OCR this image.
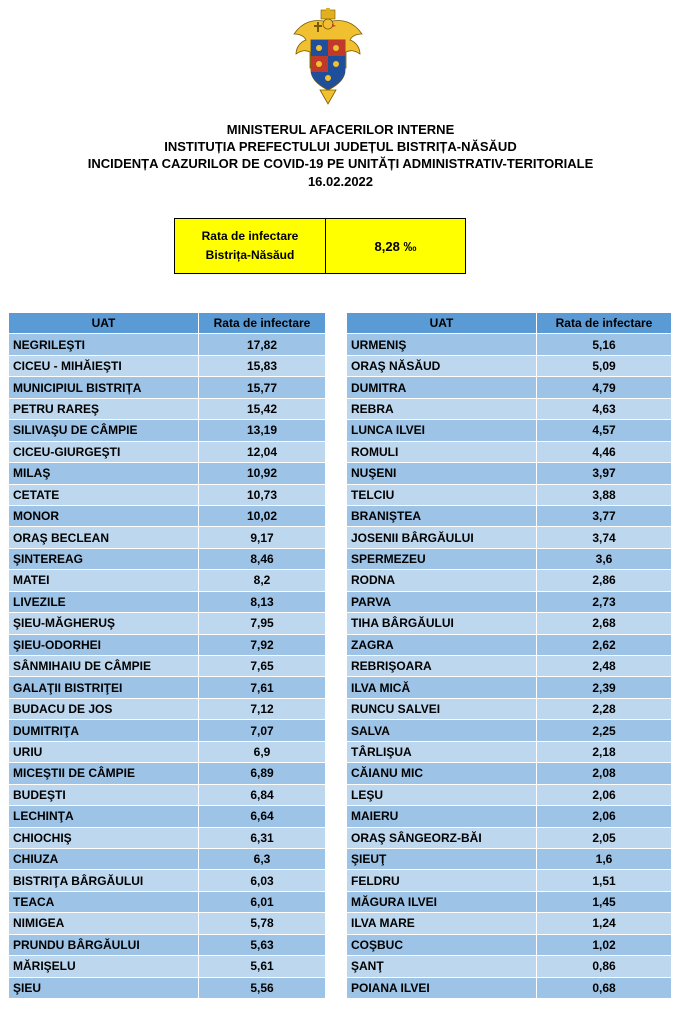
MINISTERUL AFACERILOR INTERNE
INSTITUȚIA PREFECTULUI JUDEȚUL BISTRIȚA-NĂSĂUD
INCIDENȚA CAZURILOR DE COVID-19 PE UNITĂȚI ADMINISTRATIV-TERITORIALE
16.02.2022
Rata de infectare
Bistrița-Năsăud
8,28 ‰
UAT	Rata de infectare
NEGRILEŞTI	17,82
CICEU - MIHĂIEŞTI	15,83
MUNICIPIUL BISTRIȚA	15,77
PETRU RAREŞ	15,42
SILIVAŞU DE CÂMPIE	13,19
CICEU-GIURGEŞTI	12,04
MILAŞ	10,92
CETATE	10,73
MONOR	10,02
ORAŞ BECLEAN	9,17
ŞINTEREAG	8,46
MATEI	8,2
LIVEZILE	8,13
ŞIEU-MĂGHERUŞ	7,95
ŞIEU-ODORHEI	7,92
SÂNMIHAIU DE CÂMPIE	7,65
GALAŢII BISTRIŢEI	7,61
BUDACU DE JOS	7,12
DUMITRIŢA	7,07
URIU	6,9
MICEŞTII DE CÂMPIE	6,89
BUDEŞTI	6,84
LECHINŢA	6,64
CHIOCHIŞ	6,31
CHIUZA	6,3
BISTRIŢA BÂRGĂULUI	6,03
TEACA	6,01
NIMIGEA	5,78
PRUNDU BÂRGĂULUI	5,63
MĂRIŞELU	5,61
ŞIEU	5,56
UAT	Rata de infectare
URMENIŞ	5,16
ORAŞ NĂSĂUD	5,09
DUMITRA	4,79
REBRA	4,63
LUNCA ILVEI	4,57
ROMULI	4,46
NUŞENI	3,97
TELCIU	3,88
BRANIŞTEA	3,77
JOSENII BÂRGĂULUI	3,74
SPERMEZEU	3,6
RODNA	2,86
PARVA	2,73
TIHA BÂRGĂULUI	2,68
ZAGRA	2,62
REBRIŞOARA	2,48
ILVA MICĂ	2,39
RUNCU SALVEI	2,28
SALVA	2,25
TÂRLIŞUA	2,18
CĂIANU MIC	2,08
LEŞU	2,06
MAIERU	2,06
ORAŞ SÂNGEORZ-BĂI	2,05
ŞIEUŢ	1,6
FELDRU	1,51
MĂGURA ILVEI	1,45
ILVA MARE	1,24
COŞBUC	1,02
ŞANŢ	0,86
POIANA ILVEI	0,68
